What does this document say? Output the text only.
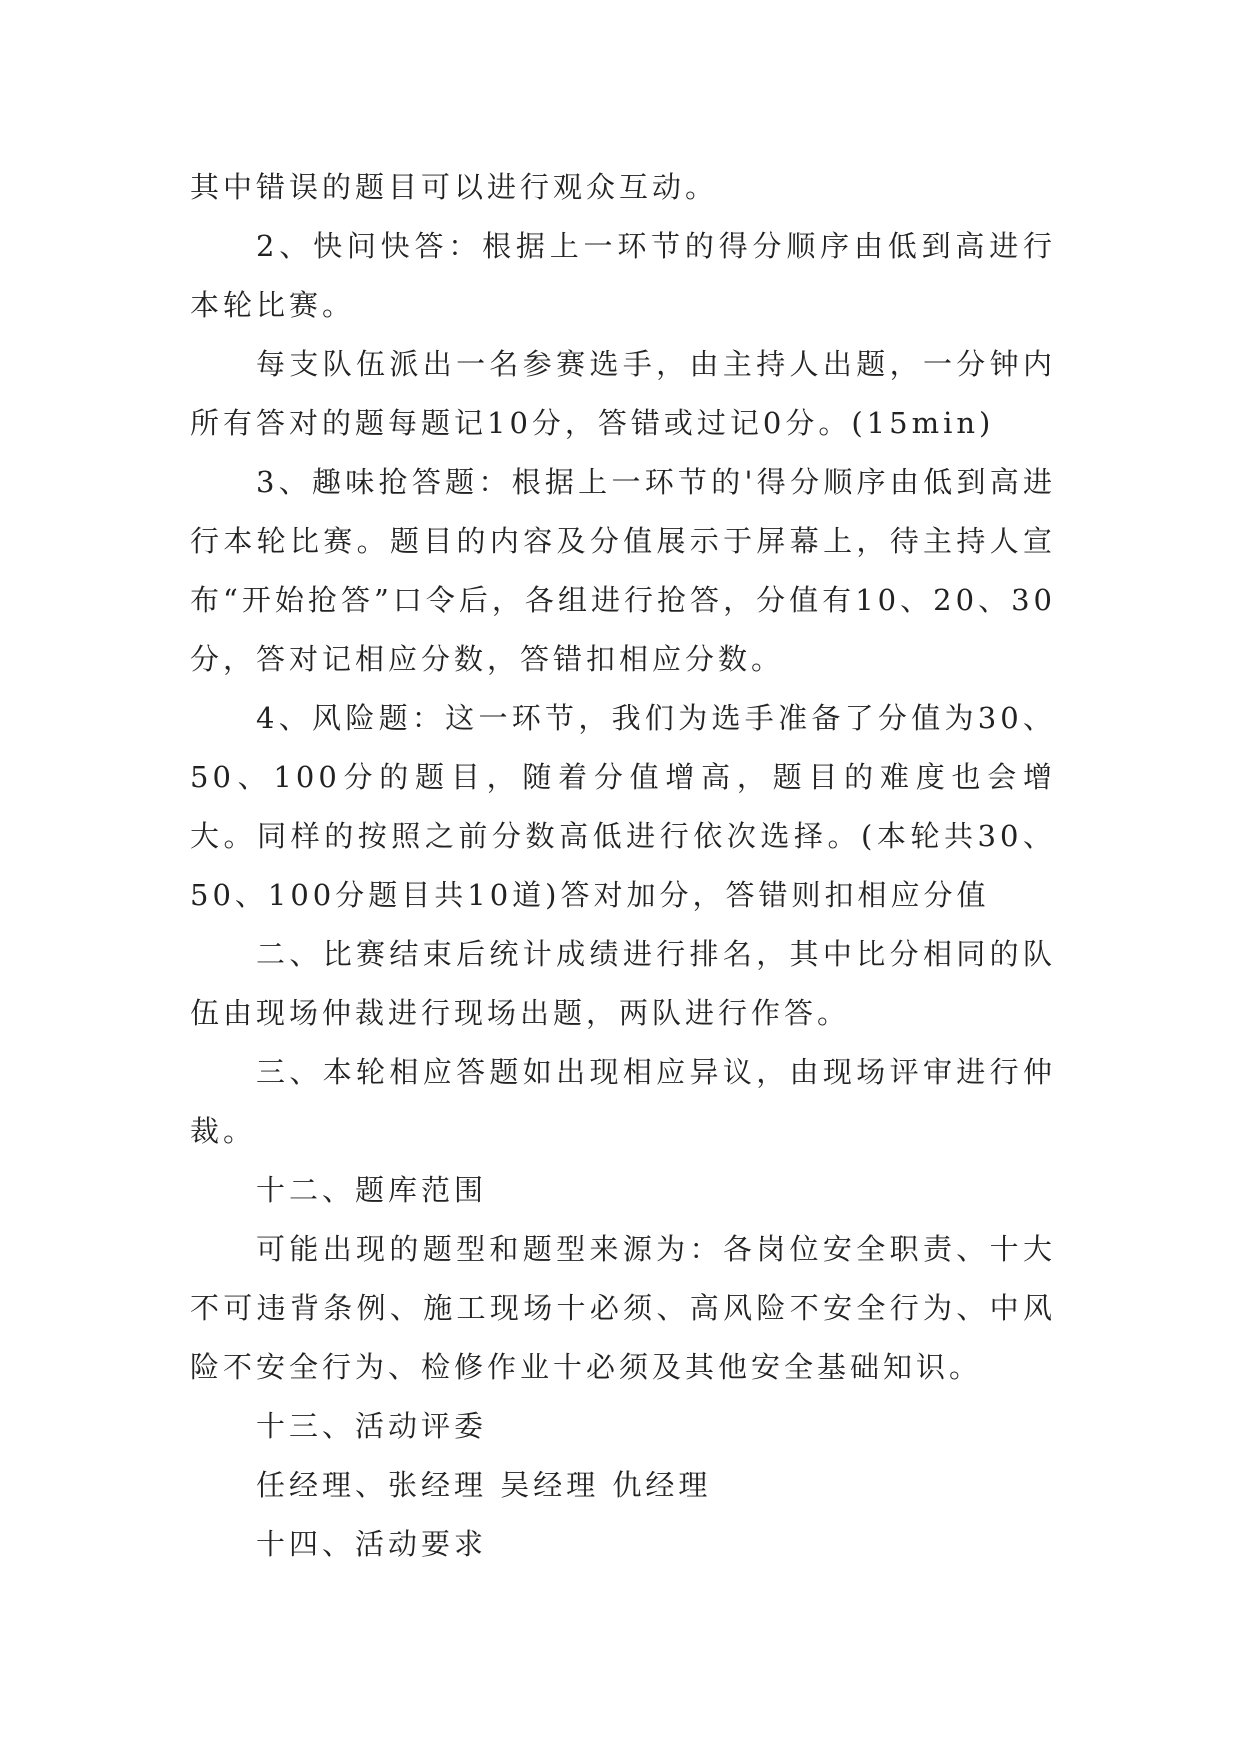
其中错误的题目可以进行观众互动。

2、快问快答：根据上一环节的得分顺序由低到高进行本轮比赛。

每支队伍派出一名参赛选手，由主持人出题，一分钟内所有答对的题每题记10分，答错或过记0分。(15min)

3、趣味抢答题：根据上一环节的'得分顺序由低到高进行本轮比赛。题目的内容及分值展示于屏幕上，待主持人宣布“开始抢答”口令后，各组进行抢答，分值有10、20、30分，答对记相应分数，答错扣相应分数。

4、风险题：这一环节，我们为选手准备了分值为30、50、100分的题目，随着分值增高，题目的难度也会增大。同样的按照之前分数高低进行依次选择。(本轮共30、50、100分题目共10道)答对加分，答错则扣相应分值

二、比赛结束后统计成绩进行排名，其中比分相同的队伍由现场仲裁进行现场出题，两队进行作答。

三、本轮相应答题如出现相应异议，由现场评审进行仲裁。

十二、题库范围

可能出现的题型和题型来源为：各岗位安全职责、十大不可违背条例、施工现场十必须、高风险不安全行为、中风险不安全行为、检修作业十必须及其他安全基础知识。

十三、活动评委

任经理、张经理 吴经理 仇经理

十四、活动要求
